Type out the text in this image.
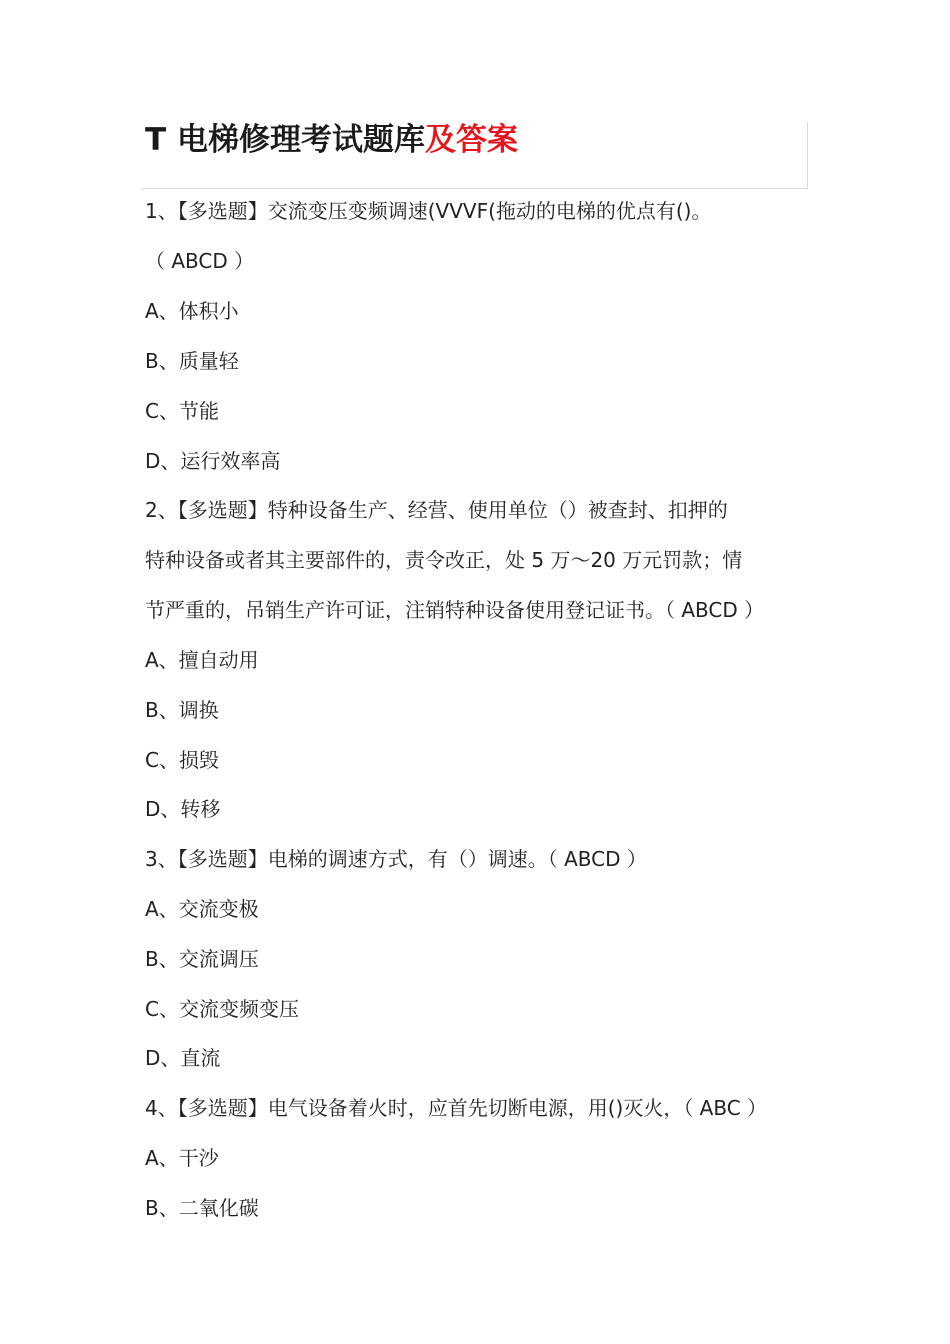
T 电梯修理考试题库及答案
1、【多选题】交流变压变频调速(VVVF(拖动的电梯的优点有()。
（ ABCD ）
A、体积小
B、质量轻
C、节能
D、运行效率高
2、【多选题】特种设备生产、经营、使用单位（）被查封、扣押的
特种设备或者其主要部件的，责令改正，处 5 万～20 万元罚款；情
节严重的，吊销生产许可证，注销特种设备使用登记证书。（ ABCD ）
A、擅自动用
B、调换
C、损毁
D、转移
3、【多选题】电梯的调速方式，有（）调速。（ ABCD ）
A、交流变极
B、交流调压
C、交流变频变压
D、直流
4、【多选题】电气设备着火时，应首先切断电源，用()灭火，（ ABC ）
A、干沙
B、二氧化碳
